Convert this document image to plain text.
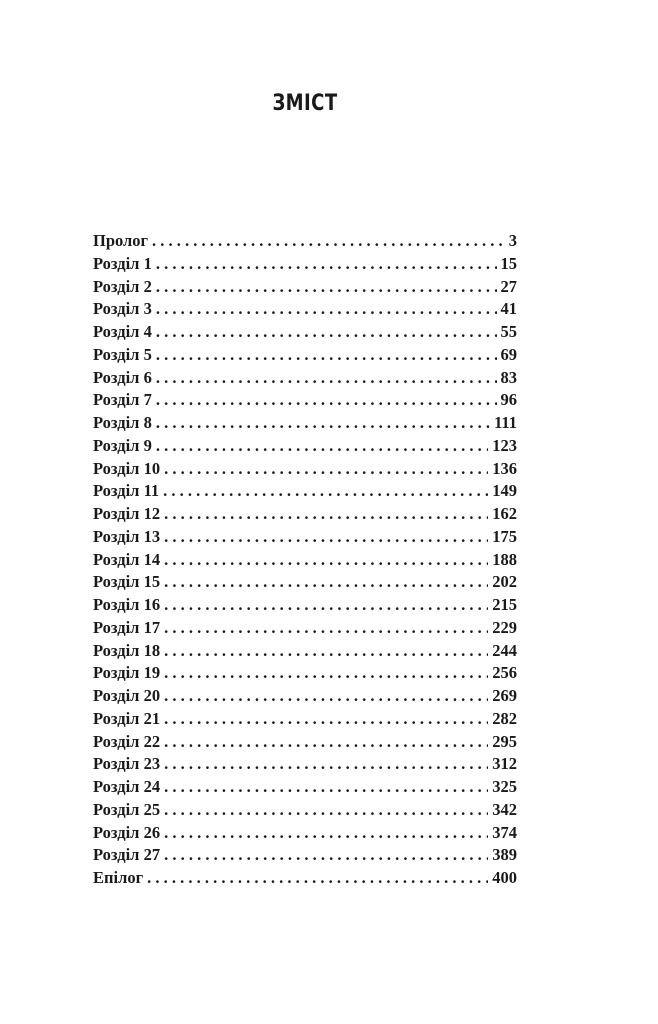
ЗМІСТ
Пролог . . .	3
Розділ 1 . . .	15
Розділ 2 . . .	27
Розділ 3 . . .	41
Розділ 4 . . .	55
Розділ 5 . . .	69
Розділ 6 . . .	83
Розділ 7 . . .	96
Розділ 8 . . .	111
Розділ 9 . . .	123
Розділ 10 . . .	136
Розділ 11 . . .	149
Розділ 12 . . .	162
Розділ 13 . . .	175
Розділ 14 . . .	188
Розділ 15 . . .	202
Розділ 16 . . .	215
Розділ 17 . . .	229
Розділ 18 . . .	244
Розділ 19 . . .	256
Розділ 20 . . .	269
Розділ 21 . . .	282
Розділ 22 . . .	295
Розділ 23 . . .	312
Розділ 24 . . .	325
Розділ 25 . . .	342
Розділ 26 . . .	374
Розділ 27 . . .	389
Епілог . . .	400
